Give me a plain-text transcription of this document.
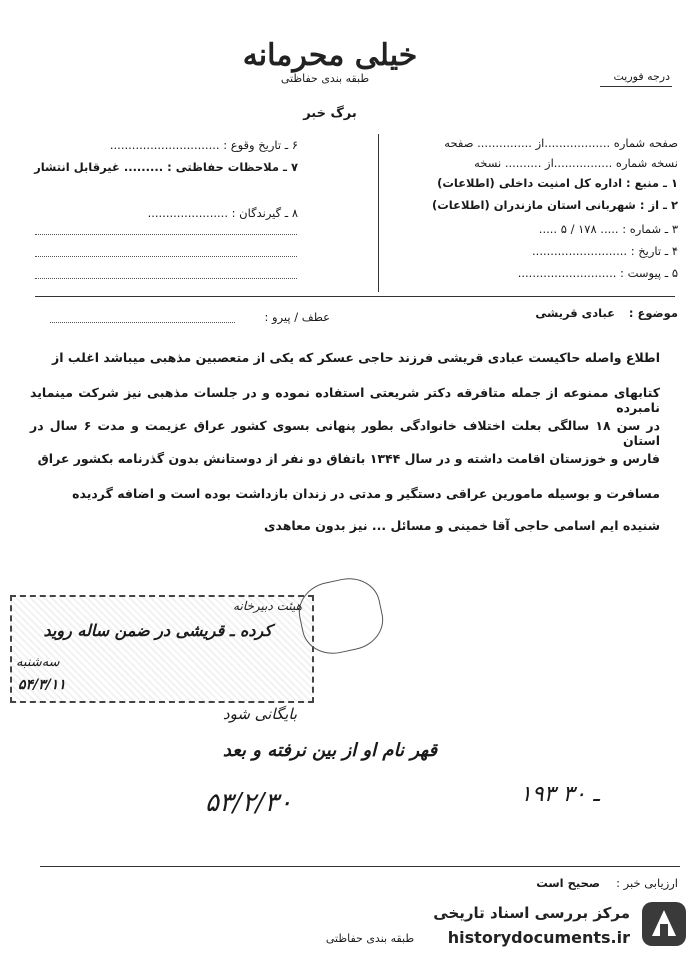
خیلی محرمانه
طبقه بندی حفاظتی	درجه فوریت
برگ خبر
صفحه شماره ..................از ............... صفحه
نسخه شماره ................از .......... نسخه
۱ ـ منبع : اداره کل امنیت داخلی (اطلاعات)
۲ ـ از : شهربانی استان مازندران (اطلاعات)
۳ ـ شماره : ..... ۱۷۸ / ۵ .....
۴ ـ تاریخ : ..........................
۵ ـ پیوست : ...........................
۶ ـ تاریخ وقوع : ..............................
۷ ـ ملاحظات حفاظتی : ......... غیرقابل انتشار
۸ ـ گیرندگان : ......................
موضوع :
عبادی قریشی
عطف / پیرو :
اطلاع واصله حاکیست عبادی قریشی فرزند حاجی عسکر که یکی از متعصبین مذهبی میباشد اغلب از
کتابهای ممنوعه از جمله متافرقه دکتر شریعتی استفاده نموده و در جلسات مذهبی نیز شرکت مینماید نامبرده
در سن ۱۸ سالگی بعلت اختلاف خانوادگی بطور پنهانی بسوی کشور عراق عزیمت و مدت ۶ سال در استان
فارس و خوزستان اقامت داشته و در سال ۱۳۴۴ باتفاق دو نفر از دوستانش بدون گذرنامه بکشور عراق
مسافرت و بوسیله مامورین عراقی دستگیر و مدتی در زندان بازداشت بوده است و اضافه گردیده
شنیده ایم اسامی حاجی آقا خمینی و مسائل ... نیز بدون معاهدی
هیئت دبیرخانه
کرده ـ قریشی در ضمن ساله روید
سه‌شنبه
۵۴/۳/۱۱
بایگانی شود
قهر نام او از بین نرفته و بعد
۵۳/۲/۳۰	۱۹۳ ـ ۳۰
ارزیابی خبر :
صحیح است
طبقه بندی حفاظتی
مرکز بررسی اسناد تاریخی
historydocuments.ir
